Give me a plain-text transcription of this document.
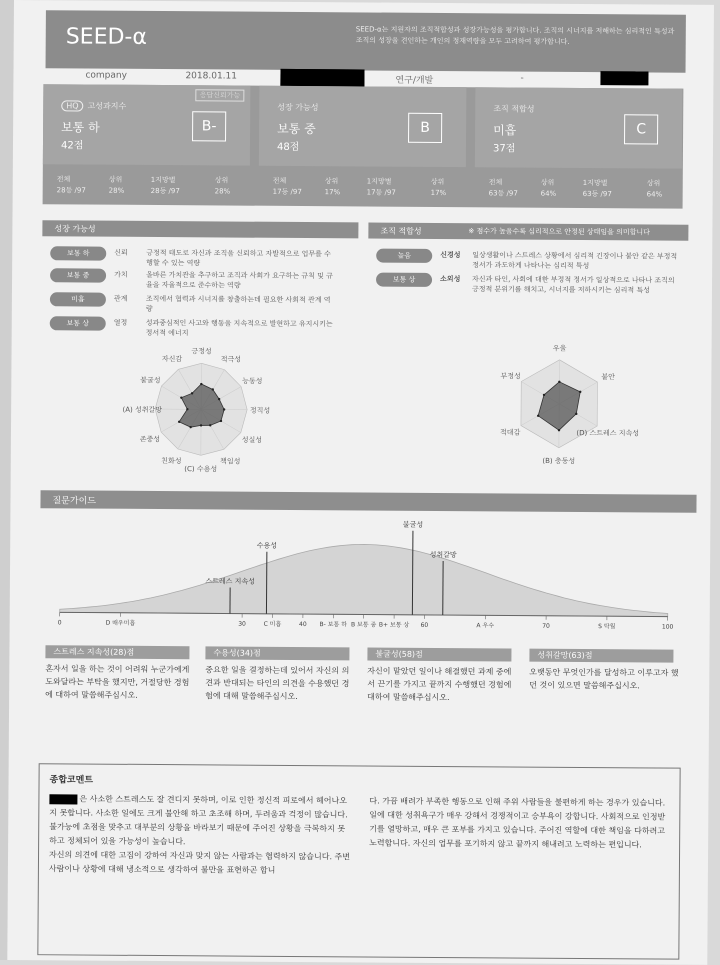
SEED-α	SEED-α는 지원자의 조직적합성과 성장가능성을 평가합니다. 조직의 시너지를 저해하는 심리적인 특성과 조직의 성장을 견인하는 개인의 정재역량을 모두 고려하여 평가합니다.
company	2018.01.11	연구/개발	-
응답신뢰가능
HQ 고성과지수
보통 하
42점
B-
전체
28등 /97
상위
28%
1지망별
28등 /97
상위
28%
성장 가능성
보통 중
48점
B
전체
17등 /97
상위
17%
1지망별
17등 /97
상위
17%
조직 적합성
미흡
37점
C
전체
63등 /97
상위
64%
1지망별
63등 /97
상위
64%
성장 가능성
보통 하	신뢰	긍정적 태도로 자신과 조직을 신뢰하고 자발적으로 업무를 수행할 수 있는 역량
보통 중	가치	올바른 가치관을 추구하고 조직과 사회가 요구하는 규칙 및 규율을 자율적으로 준수하는 역량
미흡	관계	조직에서 협력과 시너지를 창출하는데 필요한 사회적 관계 역량
보통 상	열정	성과중심적인 사고와 행동을 지속적으로 발현하고 유지시키는 정서적 에너지
긍정성
적극성
능동성
정직성
성실성
책임성
(C) 수용성
친화성
존중성
(A) 성취갈망
불굴성
자신감
조직 적합성	※ 점수가 높을수록 심리적으로 안정된 상태임을 의미합니다
높음	신경성	일상생활이나 스트레스 상황에서 심리적 긴장이나 불안 같은 부정적 정서가 과도하게 나타나는 심리적 특성
보통 상	소외성	자신과 타인, 사회에 대한 부정적 정서가 일상적으로 나타나 조직의 긍정적 분위기를 해치고, 시너지를 저하시키는 심리적 특성
우울
불안
(D) 스트레스 지속성
(B) 충동성
적대감
부정성
질문가이드
0	D 매우미흡	30	C 미흡	40 B- 보통 하 B 보통 중 B+ 보통 상 60	A 우수	70	S 탁월	100
스트레스 지속성
수용성
불굴성
성취갈망
스트레스 지속성(28)점
혼자서 일을 하는 것이 어려워 누군가에게 도와달라는 부탁을 했지만, 거절당한 경험에 대하여 말씀해주십시오.
수용성(34)점
중요한 일을 결정하는데 있어서 자신의 의견과 반대되는 타인의 의견을 수용했던 경험에 대해 말씀해주십시오.
불굴성(58)점
자신이 맡았던 일이나 해결했던 과제 중에서 끈기를 가지고 끝까지 수행했던 경험에 대하여 말씀해주십시오.
성취갈망(63)점
오랫동안 무엇인가를 달성하고 이루고자 했던 것이 있으면 말씀해주십시오.
종합코멘트
은 사소한 스트레스도 잘 견디지 못하며, 이로 인한 정신적 피로에서 헤어나오지 못합니다. 사소한 일에도 크게 불안해 하고 초조해 하며, 두려움과 걱정이 많습니다. 불가능에 초점을 맞추고 대부분의 상황을 바라보기 때문에 주어진 상황을 극복하지 못하고 정체되어 있을 가능성이 높습니다.
자신의 의견에 대한 고집이 강하여 자신과 맞지 않는 사람과는 협력하지 않습니다. 주변 사람이나 상황에 대해 냉소적으로 생각하여 불만을 표현하곤 합니
다. 가끔 배려가 부족한 행동으로 인해 주위 사람들을 불편하게 하는 경우가 있습니다.
일에 대한 성취욕구가 매우 강해서 경쟁적이고 승부욕이 강합니다. 사회적으로 인정받기를 열망하고, 매우 큰 포부를 가지고 있습니다. 주어진 역할에 대한 책임을 다하려고 노력합니다. 자신의 업무를 포기하지 않고 끝까지 해내려고 노력하는 편입니다.
